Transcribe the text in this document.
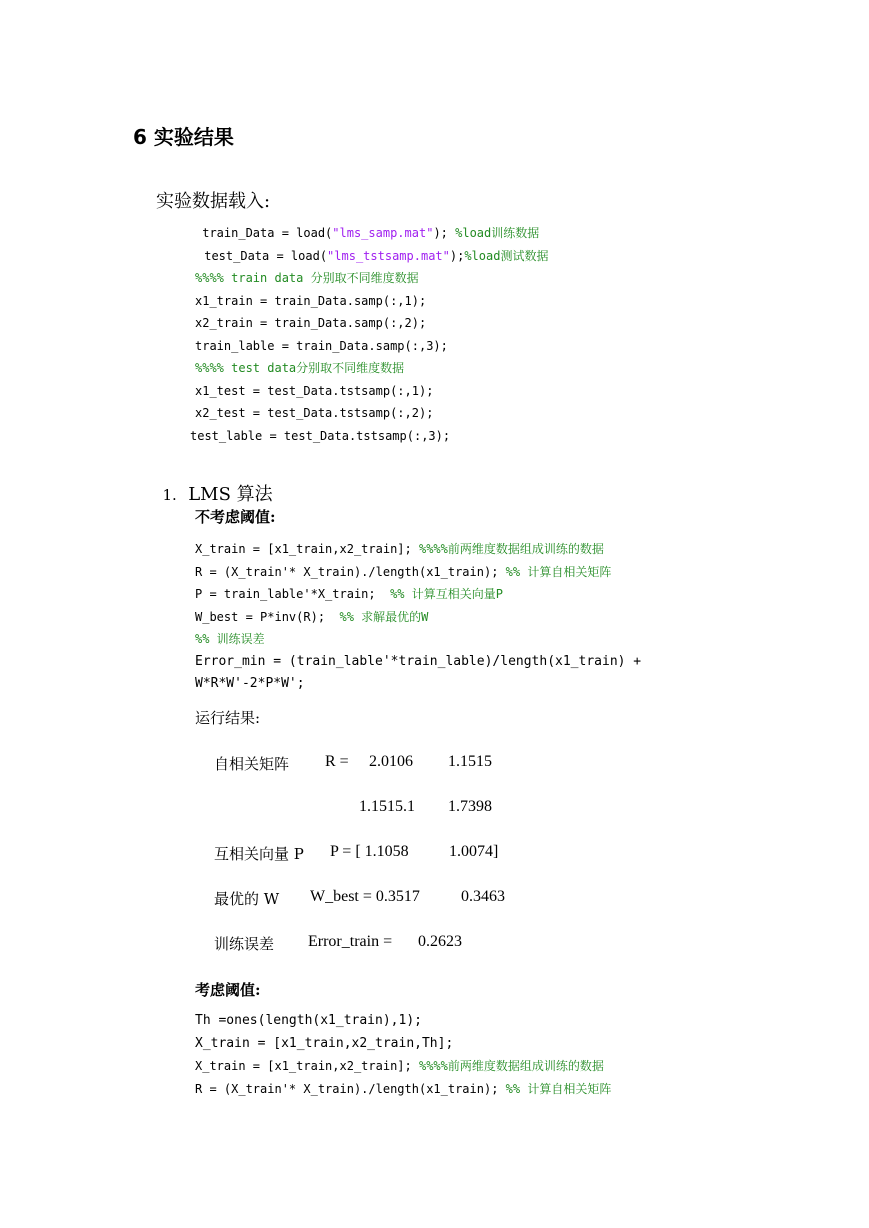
6 实验结果
实验数据载入:
train_Data = load("lms_samp.mat"); %load训练数据
test_Data = load("lms_tstsamp.mat");%load测试数据
%%%% train data 分别取不同维度数据
x1_train = train_Data.samp(:,1);
x2_train = train_Data.samp(:,2);
train_lable = train_Data.samp(:,3);
%%%% test data分别取不同维度数据
x1_test = test_Data.tstsamp(:,1);
x2_test = test_Data.tstsamp(:,2);
test_lable = test_Data.tstsamp(:,3);

1. LMS 算法

不考虑阈值:
X_train = [x1_train,x2_train]; %%%%前两维度数据组成训练的数据
R = (X_train'* X_train)./length(x1_train); %% 计算自相关矩阵
P = train_lable'*X_train;  %% 计算互相关向量P
W_best = P*inv(R);  %% 求解最优的W
%% 训练误差
Error_min = (train_lable'*train_lable)/length(x1_train) +
W*R*W'-2*P*W';
运行结果:
自相关矩阵 R = 2.0106 1.1515
1.1515.1 1.7398
互相关向量 P P = [ 1.1058	1.0074]
最优的 W W_best = 0.3517	0.3463
训练误差 Error_train = 0.2623
考虑阈值:
Th =ones(length(x1_train),1);
X_train = [x1_train,x2_train,Th];
X_train = [x1_train,x2_train]; %%%%前两维度数据组成训练的数据
R = (X_train'* X_train)./length(x1_train); %% 计算自相关矩阵
